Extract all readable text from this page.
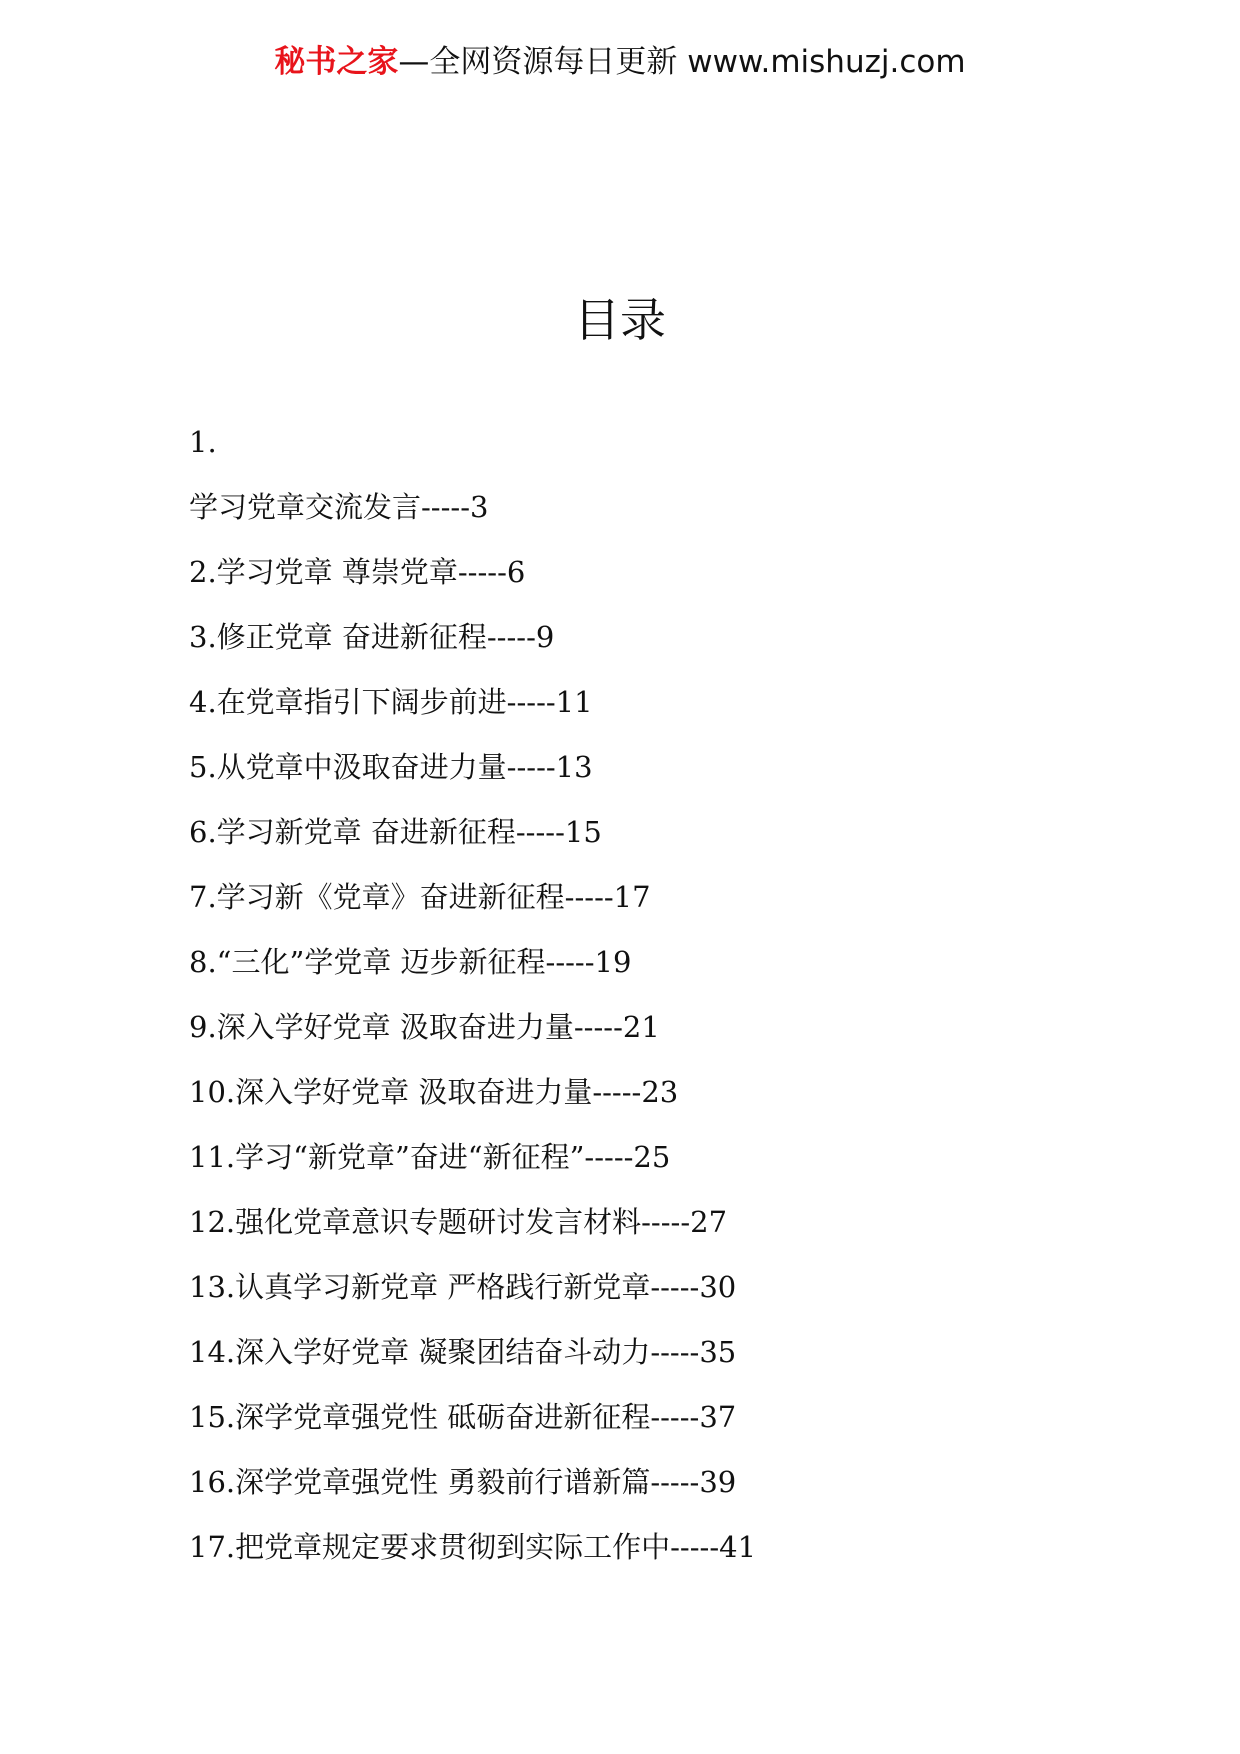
秘书之家—全网资源每日更新 www.mishuzj.com
目录
1.
学习党章交流发言-----3
2.学习党章 尊崇党章-----6
3.修正党章 奋进新征程-----9
4.在党章指引下阔步前进-----11
5.从党章中汲取奋进力量-----13
6.学习新党章 奋进新征程-----15
7.学习新《党章》奋进新征程-----17
8.“三化”学党章 迈步新征程-----19
9.深入学好党章 汲取奋进力量-----21
10.深入学好党章 汲取奋进力量-----23
11.学习“新党章”奋进“新征程”-----25
12.强化党章意识专题研讨发言材料-----27
13.认真学习新党章 严格践行新党章-----30
14.深入学好党章 凝聚团结奋斗动力-----35
15.深学党章强党性 砥砺奋进新征程-----37
16.深学党章强党性 勇毅前行谱新篇-----39
17.把党章规定要求贯彻到实际工作中-----41
